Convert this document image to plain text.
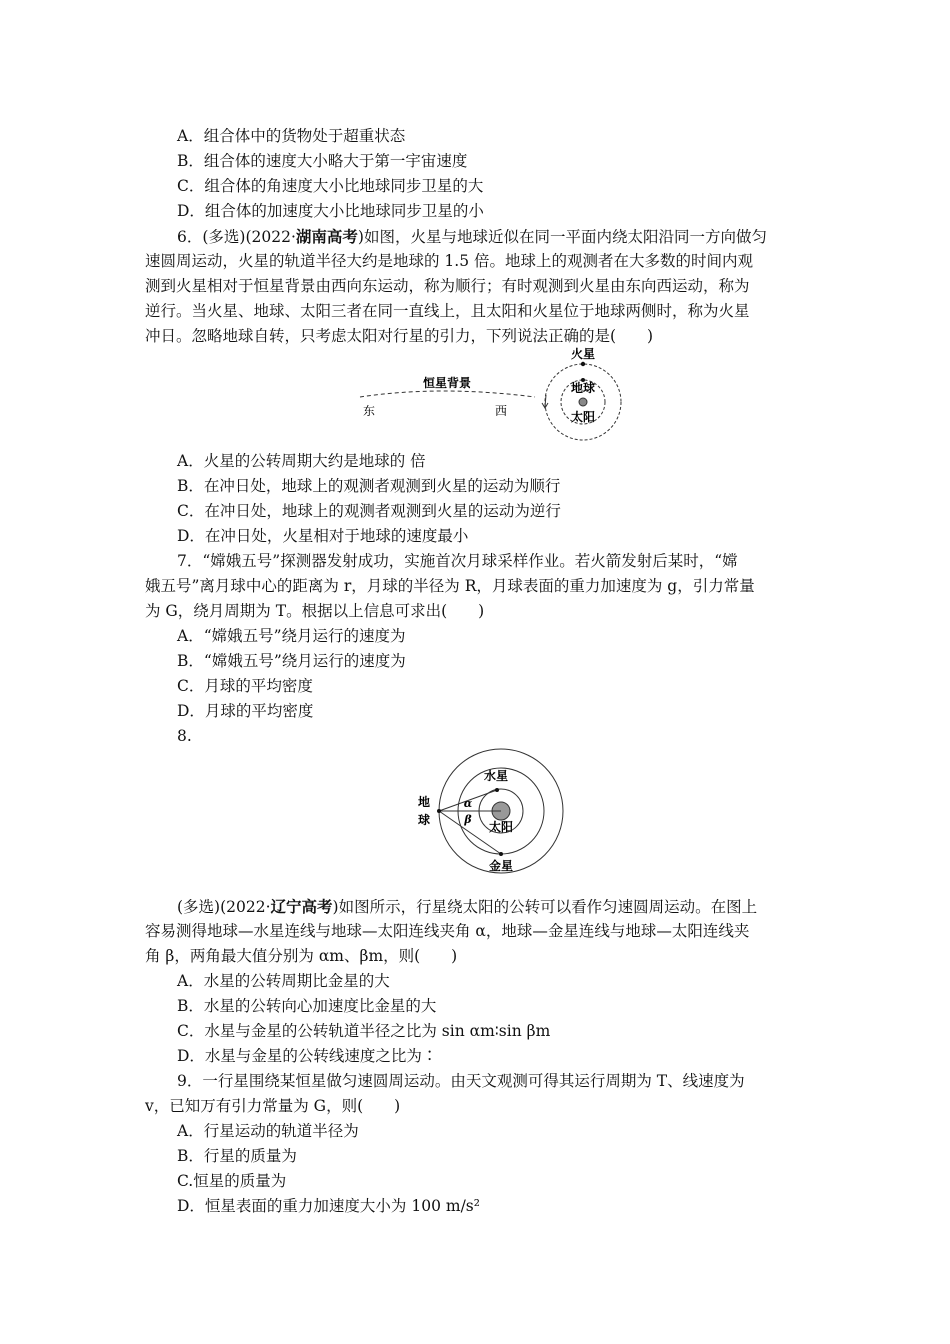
A．组合体中的货物处于超重状态
B．组合体的速度大小略大于第一宇宙速度
C．组合体的角速度大小比地球同步卫星的大
D．组合体的加速度大小比地球同步卫星的小
6．(多选)(2022·湖南高考)如图，火星与地球近似在同一平面内绕太阳沿同一方向做匀
速圆周运动，火星的轨道半径大约是地球的 1.5 倍。地球上的观测者在大多数的时间内观
测到火星相对于恒星背景由西向东运动，称为顺行；有时观测到火星由东向西运动，称为
逆行。当火星、地球、太阳三者在同一直线上，且太阳和火星位于地球两侧时，称为火星
冲日。忽略地球自转，只考虑太阳对行星的引力，下列说法正确的是(　　)
A．火星的公转周期大约是地球的 倍
B．在冲日处，地球上的观测者观测到火星的运动为顺行
C．在冲日处，地球上的观测者观测到火星的运动为逆行
D．在冲日处，火星相对于地球的速度最小
7．“嫦娥五号”探测器发射成功，实施首次月球采样作业。若火箭发射后某时，“嫦
娥五号”离月球中心的距离为 r，月球的半径为 R，月球表面的重力加速度为 g，引力常量
为 G，绕月周期为 T。根据以上信息可求出(　　)
A．“嫦娥五号”绕月运行的速度为
B．“嫦娥五号”绕月运行的速度为
C．月球的平均密度
D．月球的平均密度
8.
(多选)(2022·辽宁高考)如图所示，行星绕太阳的公转可以看作匀速圆周运动。在图上
容易测得地球—水星连线与地球—太阳连线夹角 α，地球—金星连线与地球—太阳连线夹
角 β，两角最大值分别为 αm、βm，则(　　)
A．水星的公转周期比金星的大
B．水星的公转向心加速度比金星的大
C．水星与金星的公转轨道半径之比为 sin αm∶sin βm
D．水星与金星的公转线速度之比为∶
9．一行星围绕某恒星做匀速圆周运动。由天文观测可得其运行周期为 T、线速度为
v，已知万有引力常量为 G，则(　　)
A．行星运动的轨道半径为
B．行星的质量为
C.恒星的质量为
D．恒星表面的重力加速度大小为 100 m/s²
恒星背景
东	西
火星
地球
太阳
地
球
水星
太阳
金星
α
β
